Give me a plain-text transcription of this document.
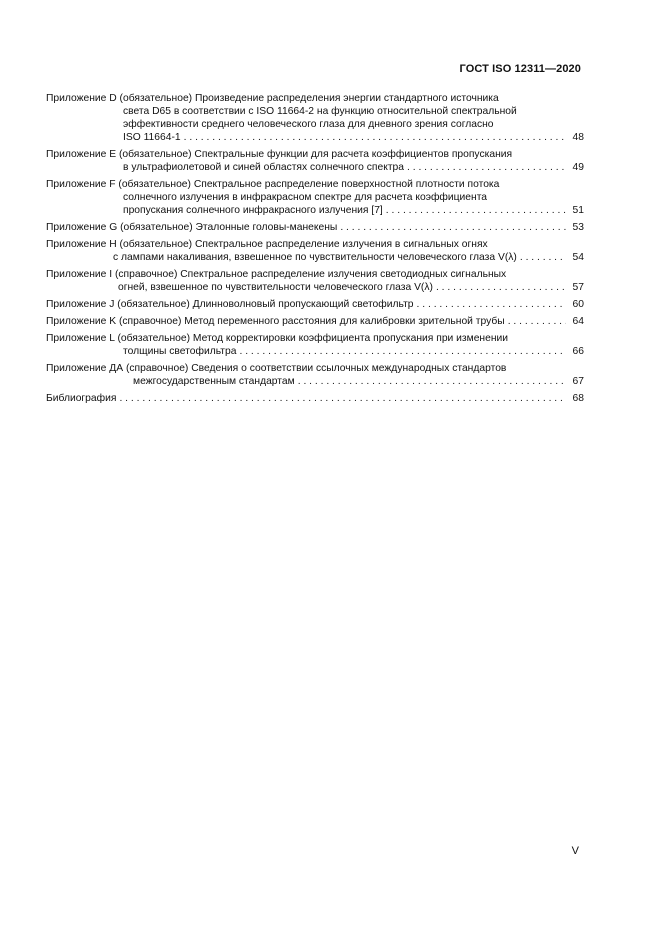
ГОСТ ISO 12311—2020
Приложение D (обязательное) Произведение распределения энергии стандартного источника
света D65 в соответствии с ISO 11664-2 на функцию относительной спектральной
эффективности среднего человеческого глаза для дневного зрения согласно
ISO 11664-1 . . .	48
Приложение Е (обязательное) Спектральные функции для расчета коэффициентов пропускания
в ультрафиолетовой и синей областях солнечного спектра . . .	49
Приложение F (обязательное) Спектральное распределение поверхностной плотности потока
солнечного излучения в инфракрасном спектре для расчета коэффициента
пропускания солнечного инфракрасного излучения [7] . . .	51
Приложение G (обязательное) Эталонные головы-манекены . . .	53
Приложение Н (обязательное) Спектральное распределение излучения в сигнальных огнях
с лампами накаливания, взвешенное по чувствительности человеческого глаза V(λ) . . .	54
Приложение I (справочное) Спектральное распределение излучения светодиодных сигнальных
огней, взвешенное по чувствительности человеческого глаза V(λ) . . .	57
Приложение J (обязательное) Длинноволновый пропускающий светофильтр . . .	60
Приложение K (справочное) Метод переменного расстояния для калибровки зрительной трубы . . .	64
Приложение L (обязательное) Метод корректировки коэффициента пропускания при изменении
толщины светофильтра . . .	66
Приложение ДА (справочное) Сведения о соответствии ссылочных международных стандартов
межгосударственным стандартам . . .	67
Библиография . . .	68
V
